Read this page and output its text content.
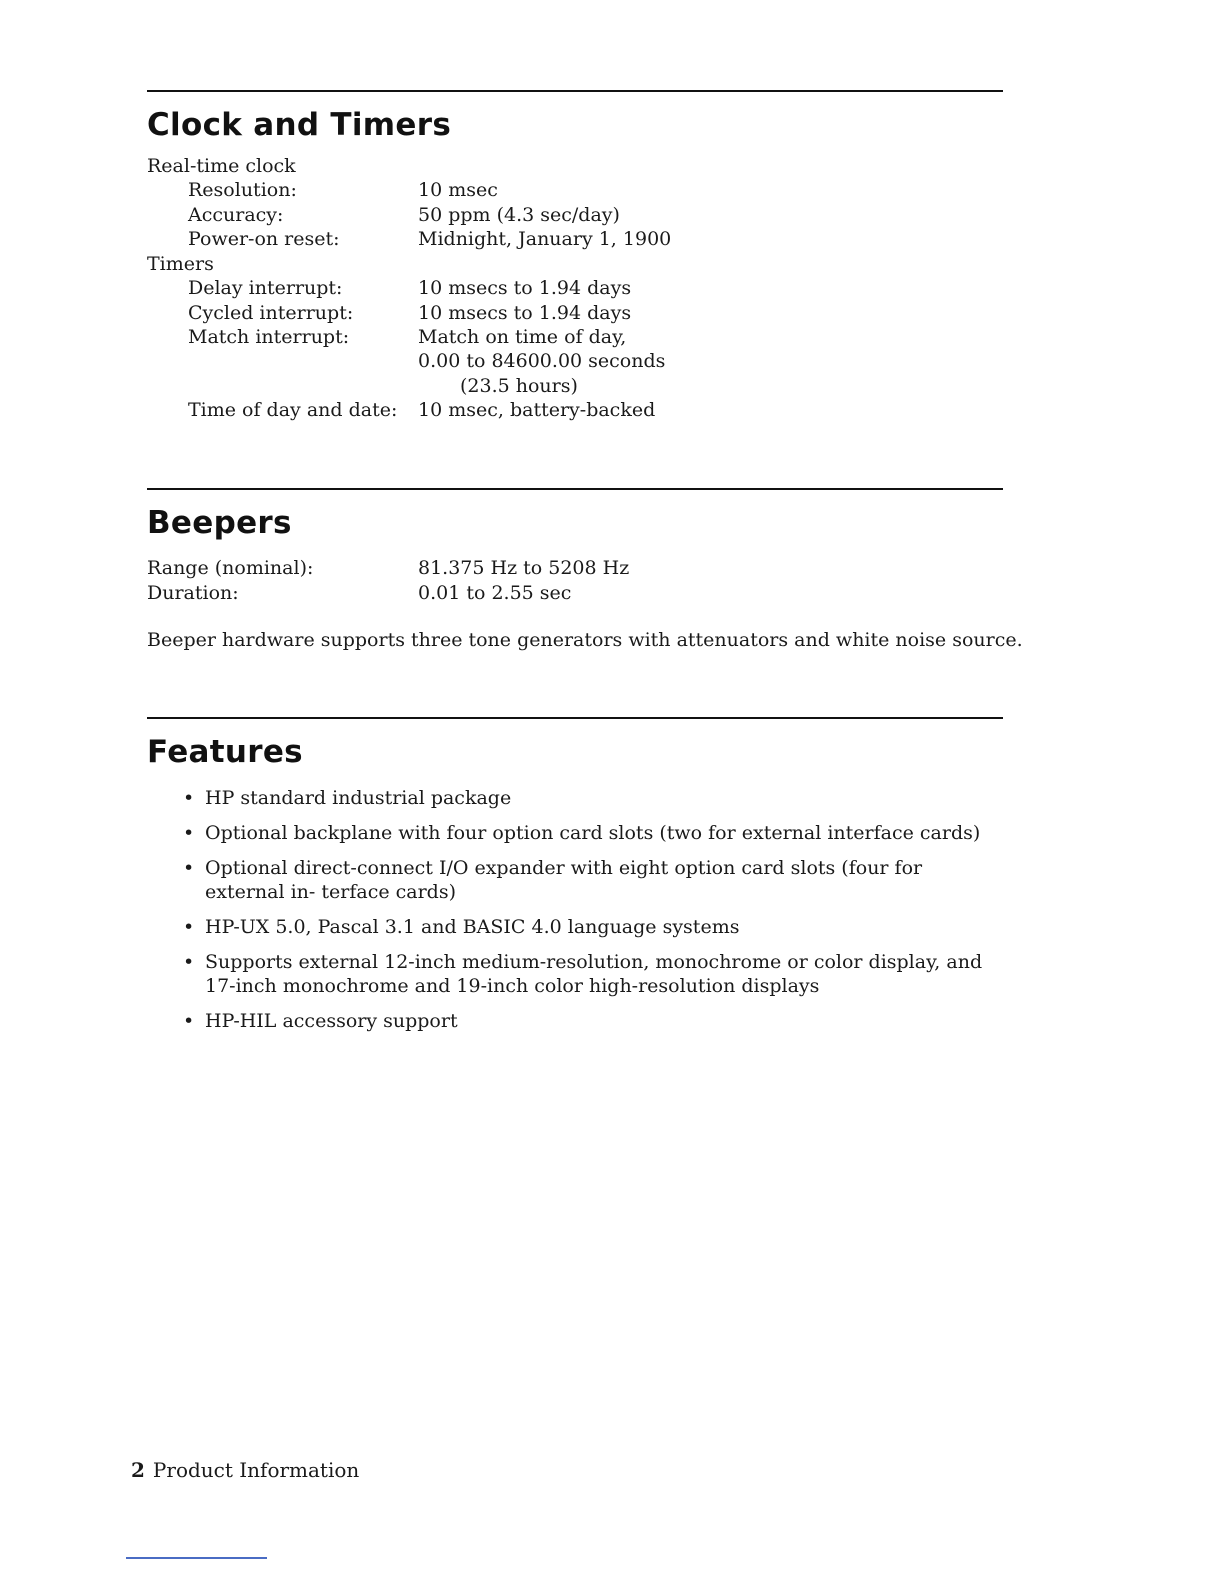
Clock and Timers
Real-time clock
Resolution:	10 msec
Accuracy:	50 ppm (4.3 sec/day)
Power-on reset:	Midnight, January 1, 1900
Timers
Delay interrupt:	10 msecs to 1.94 days
Cycled interrupt:	10 msecs to 1.94 days
Match interrupt:	Match on time of day,
0.00 to 84600.00 seconds
(23.5 hours)
Time of day and date: 10 msec, battery-backed
Beepers
Range (nominal):	81.375 Hz to 5208 Hz
Duration:	0.01 to 2.55 sec
Beeper hardware supports three tone generators with attenuators and white noise source.
Features
• HP standard industrial package
• Optional backplane with four option card slots (two for external interface cards)
• Optional direct-connect I/O expander with eight option card slots (four for external in- terface cards)
• HP-UX 5.0, Pascal 3.1 and BASIC 4.0 language systems
• Supports external 12-inch medium-resolution, monochrome or color display, and 17-inch monochrome and 19-inch color high-resolution displays
• HP-HIL accessory support
2 Product Information
